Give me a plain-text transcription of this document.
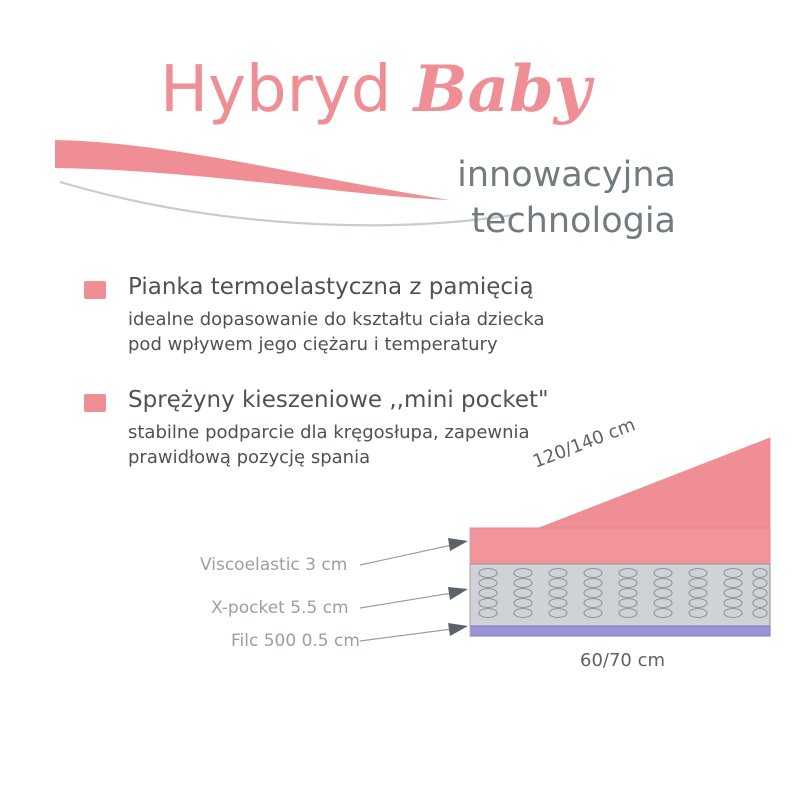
Hybryd Baby
innowacyjna
technologia
Pianka termoelastyczna z pamięcią
idealne dopasowanie do kształtu ciała dziecka
pod wpływem jego ciężaru i temperatury
Sprężyny kieszeniowe ,,mini pocket"
stabilne podparcie dla kręgosłupa, zapewnia
prawidłową pozycję spania
Viscoelastic 3 cm
X-pocket 5.5 cm
Filc 500 0.5 cm
120/140 cm
60/70 cm
